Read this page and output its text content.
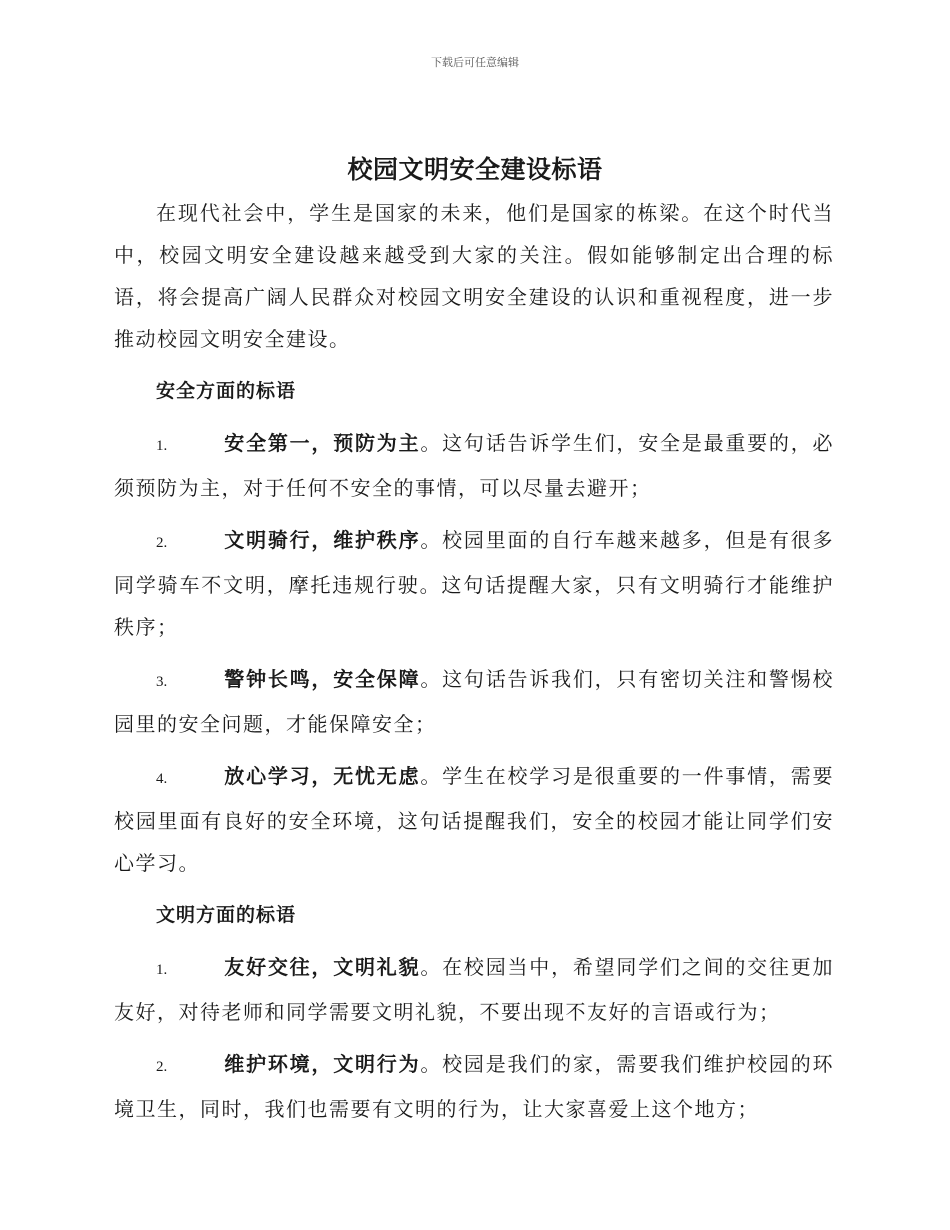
下载后可任意编辑
校园文明安全建设标语

在现代社会中，学生是国家的未来，他们是国家的栋梁。在这个时代当中，校园文明安全建设越来越受到大家的关注。假如能够制定出合理的标语，将会提高广阔人民群众对校园文明安全建设的认识和重视程度，进一步推动校园文明安全建设。

安全方面的标语

1.	安全第一，预防为主。这句话告诉学生们，安全是最重要的，必须预防为主，对于任何不安全的事情，可以尽量去避开；

2.	文明骑行，维护秩序。校园里面的自行车越来越多，但是有很多同学骑车不文明，摩托违规行驶。这句话提醒大家，只有文明骑行才能维护秩序；

3.	警钟长鸣，安全保障。这句话告诉我们，只有密切关注和警惕校园里的安全问题，才能保障安全；

4.	放心学习，无忧无虑。学生在校学习是很重要的一件事情，需要校园里面有良好的安全环境，这句话提醒我们，安全的校园才能让同学们安心学习。

文明方面的标语

1.	友好交往，文明礼貌。在校园当中，希望同学们之间的交往更加友好，对待老师和同学需要文明礼貌，不要出现不友好的言语或行为；

2.	维护环境，文明行为。校园是我们的家，需要我们维护校园的环境卫生，同时，我们也需要有文明的行为，让大家喜爱上这个地方；
